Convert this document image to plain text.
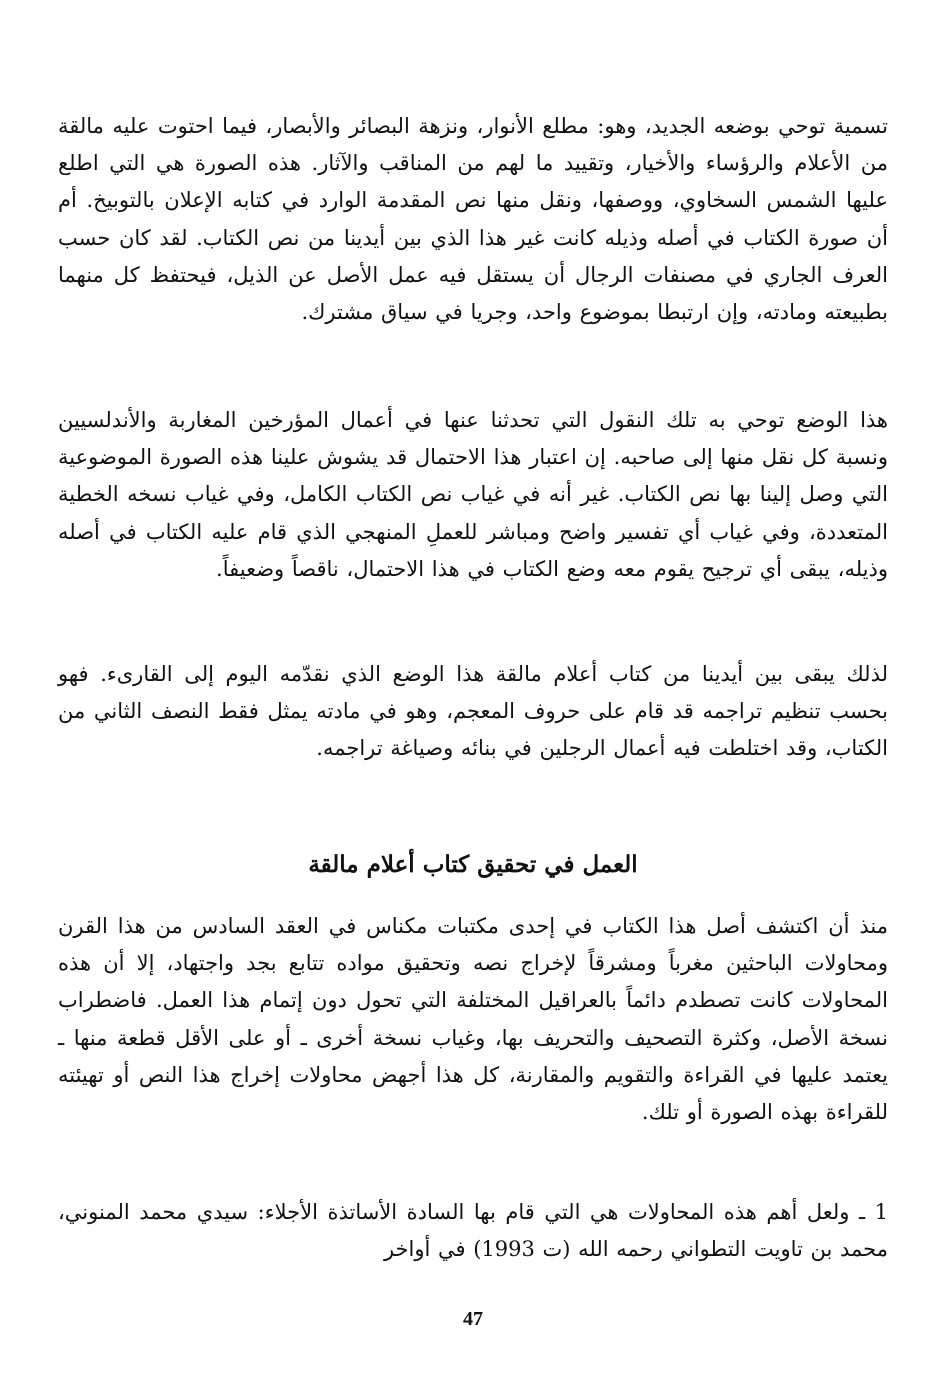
تسمية توحي بوضعه الجديد، وهو: مطلع الأنوار، ونزهة البصائر والأبصار، فيما احتوت عليه مالقة من الأعلام والرؤساء والأخيار، وتقييد ما لهم من المناقب والآثار. هذه الصورة هي التي اطلع عليها الشمس السخاوي، ووصفها، ونقل منها نص المقدمة الوارد في كتابه الإعلان بالتوبيخ. أم أن صورة الكتاب في أصله وذيله كانت غير هذا الذي بين أيدينا من نص الكتاب. لقد كان حسب العرف الجاري في مصنفات الرجال أن يستقل فيه عمل الأصل عن الذيل، فيحتفظ كل منهما بطبيعته ومادته، وإن ارتبطا بموضوع واحد، وجريا في سياق مشترك.

هذا الوضع توحي به تلك النقول التي تحدثنا عنها في أعمال المؤرخين المغاربة والأندلسيين ونسبة كل نقل منها إلى صاحبه. إن اعتبار هذا الاحتمال قد يشوش علينا هذه الصورة الموضوعية التي وصل إلينا بها نص الكتاب. غير أنه في غياب نص الكتاب الكامل، وفي غياب نسخه الخطية المتعددة، وفي غياب أي تفسير واضح ومباشر للعملِ المنهجي الذي قام عليه الكتاب في أصله وذيله، يبقى أي ترجيح يقوم معه وضع الكتاب في هذا الاحتمال، ناقصاً وضعيفاً.

لذلك يبقى بين أيدينا من كتاب أعلام مالقة هذا الوضع الذي نقدّمه اليوم إلى القارىء. فهو بحسب تنظيم تراجمه قد قام على حروف المعجم، وهو في مادته يمثل فقط النصف الثاني من الكتاب، وقد اختلطت فيه أعمال الرجلين في بنائه وصياغة تراجمه.

العمل في تحقيق كتاب أعلام مالقة

منذ أن اكتشف أصل هذا الكتاب في إحدى مكتبات مكناس في العقد السادس من هذا القرن ومحاولات الباحثين مغرباً ومشرقاً لإخراج نصه وتحقيق مواده تتابع بجد واجتهاد، إلا أن هذه المحاولات كانت تصطدم دائماً بالعراقيل المختلفة التي تحول دون إتمام هذا العمل. فاضطراب نسخة الأصل، وكثرة التصحيف والتحريف بها، وغياب نسخة أخرى ـ أو على الأقل قطعة منها ـ يعتمد عليها في القراءة والتقويم والمقارنة، كل هذا أجهض محاولات إخراج هذا النص أو تهيئته للقراءة بهذه الصورة أو تلك.

1 ـ ولعل أهم هذه المحاولات هي التي قام بها السادة الأساتذة الأجلاء: سيدي محمد المنوني، محمد بن تاويت التطواني رحمه الله (ت 1993) في أواخر

47
